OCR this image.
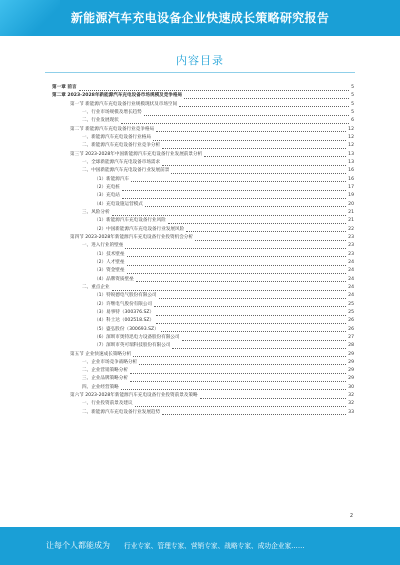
新能源汽车充电设备企业快速成长策略研究报告
内容目录
第一章 前言	5
第二章 2023-2028年新能源汽车充电设备市场规模及竞争格局	5
第一节 新能源汽车充电设备行业规模现状及市场空间	5
一、行业市场规模及增长趋势	5
二、行业发展现状	6
第二节 新能源汽车充电设备行业竞争格局	12
一、新能源汽车充电设备行业格局	12
二、新能源汽车充电设备行业竞争分析	12
第三节 2023-2028年中国新能源汽车充电设备行业发展前景分析	13
一、全球新能源汽车充电设备市场需求	13
二、中国新能源汽车充电设备行业发展前景	16
（1）新能源汽车	16
（2）充电桩	17
（3）充电站	19
（4）充电设施运营模式	20
三、风险分析	21
（1）新能源汽车充电设备行业风险	21
（2）中国新能源汽车充电设备行业发展风险	22
第四节 2023-2028年新能源汽车充电设备行业投资机会分析	23
一、进入行业的壁垒	23
（1）技术壁垒	23
（2）人才壁垒	24
（3）资金壁垒	24
（4）品牌资质壁垒	24
二、重点企业	24
（1）特锐德电气股份有限公司	24
（2）许继电气股份有限公司	25
（3）易事特（300376.SZ）	25
（4）科士达（002518.SZ）	26
（5）盛弘股份（300693.SZ）	26
（6）深圳市奥特迅电力设备股份有限公司	27
（7）深圳市英可瑞科技股份有限公司	28
第五节 企业快速成长策略分析	29
一、企业市场竞争战略分析	29
二、企业营销策略分析	29
三、企业品牌策略分析	29
四、企业经营策略	30
第六节 2023-2028年新能源汽车充电设备行业投资前景及策略	32
一、行业投资前景及建议	32
二、新能源汽车充电设备行业发展趋势	33
2
让每个人都能成为 行业专家、管理专家、营销专家、战略专家、成功企业家……
